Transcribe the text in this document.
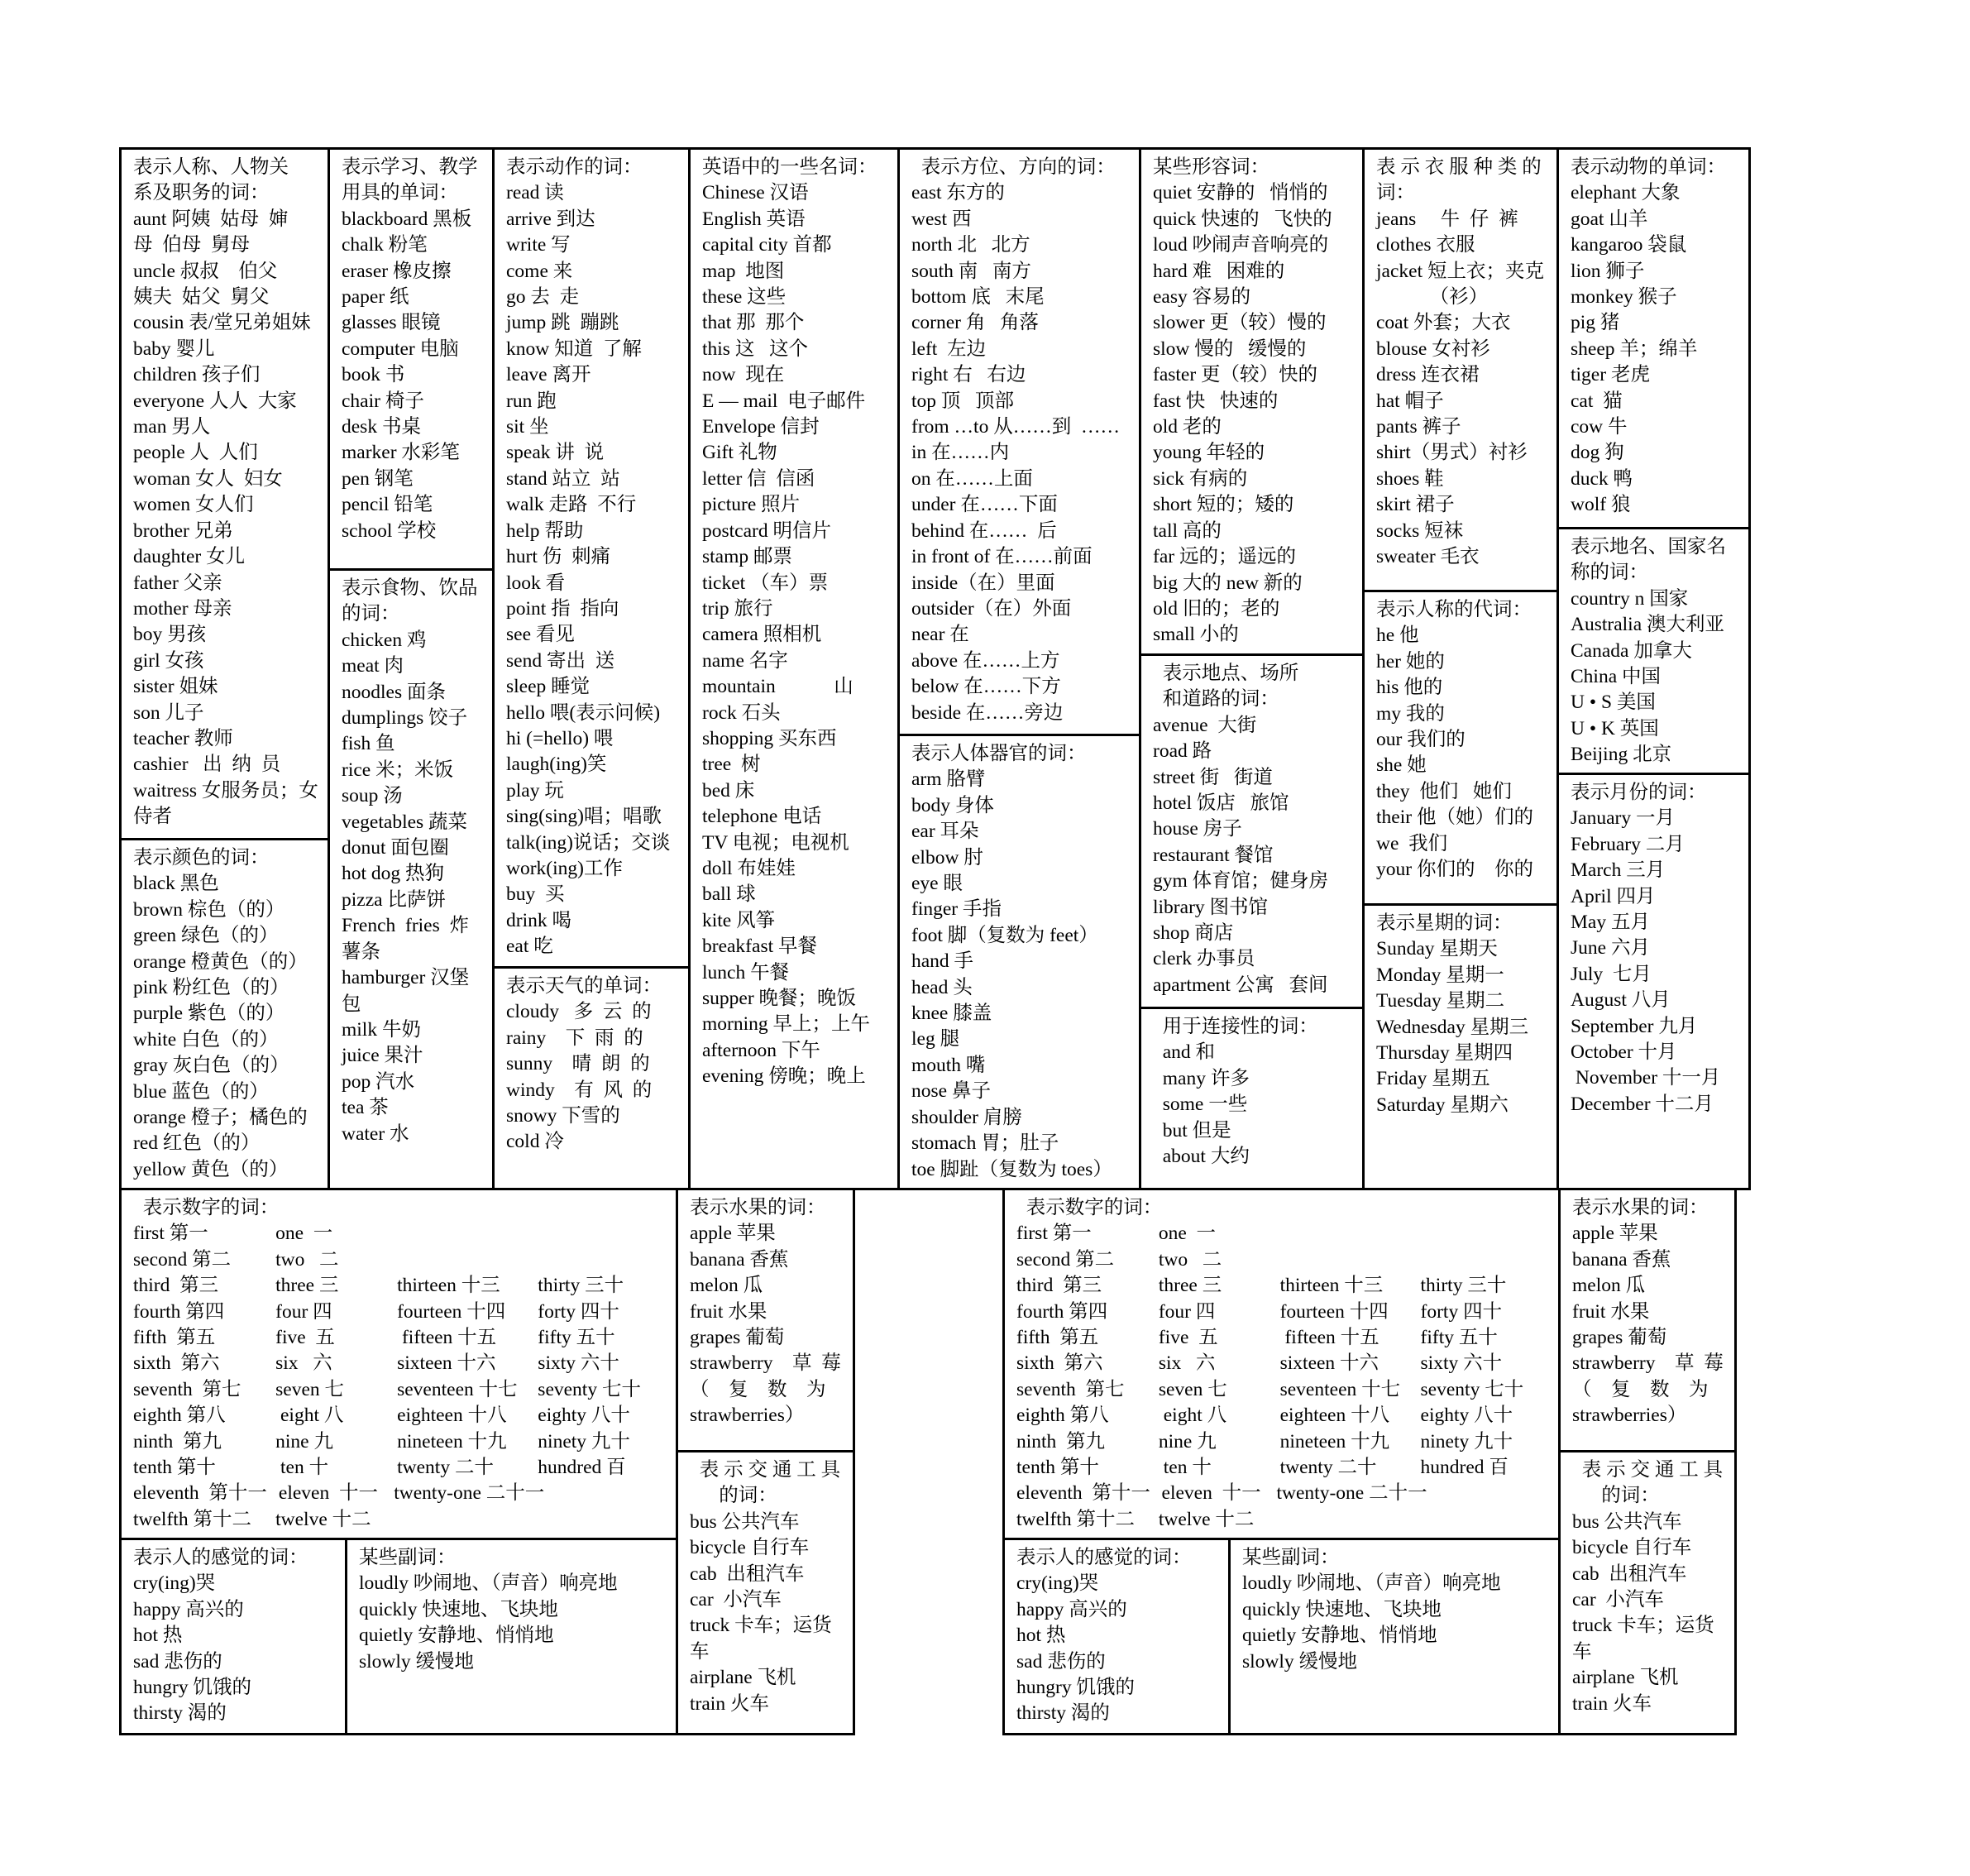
表示人称、人物关
系及职务的词：
aunt 阿姨  姑母  婶
母  伯母  舅母
uncle 叔叔    伯父
姨夫  姑父  舅父
cousin 表/堂兄弟姐妹
baby 婴儿
children 孩子们
everyone 人人  大家
man 男人
people 人  人们
woman 女人  妇女
women 女人们
brother 兄弟
daughter 女儿
father 父亲
mother 母亲
boy 男孩
girl 女孩
sister 姐妹
son 儿子
teacher 教师
cashier   出  纳  员
waitress 女服务员；女
侍者
表示颜色的词：
black 黑色
brown 棕色（的）
green 绿色（的）
orange 橙黄色（的）
pink 粉红色（的）
purple 紫色（的）
white 白色（的）
gray 灰白色（的）
blue 蓝色（的）
orange 橙子；橘色的
red 红色（的）
yellow 黄色（的）
表示学习、教学
用具的单词：
blackboard 黑板
chalk 粉笔
eraser 橡皮擦
paper 纸
glasses 眼镜
computer 电脑
book 书
chair 椅子
desk 书桌
marker 水彩笔
pen 钢笔
pencil 铅笔
school 学校
表示食物、饮品
的词：
chicken 鸡
meat 肉
noodles 面条
dumplings 饺子
fish 鱼
rice 米；米饭
soup 汤
vegetables 蔬菜
donut 面包圈
hot dog 热狗
pizza 比萨饼
French  fries  炸
薯条
hamburger 汉堡
包
milk 牛奶
juice 果汁
pop 汽水
tea 茶
water 水
表示动作的词：
read 读
arrive 到达
write 写
come 来
go 去  走
jump 跳  蹦跳
know 知道  了解
leave 离开
run 跑
sit 坐
speak 讲  说
stand 站立  站
walk 走路  不行
help 帮助
hurt 伤  刺痛
look 看
point 指  指向
see 看见
send 寄出  送
sleep 睡觉
hello 喂(表示问候)
hi (=hello) 喂
laugh(ing)笑
play 玩
sing(sing)唱；唱歌
talk(ing)说话；交谈
work(ing)工作
buy  买
drink 喝
eat 吃
表示天气的单词：
cloudy   多  云  的
rainy    下  雨  的
sunny    晴  朗  的
windy    有  风  的
snowy 下雪的
cold 冷
英语中的一些名词：
Chinese 汉语
English 英语
capital city 首都
map  地图
these 这些
that 那  那个
this 这   这个
now  现在
E — mail  电子邮件
Envelope 信封
Gift 礼物
letter 信  信函
picture 照片
postcard 明信片
stamp 邮票
ticket （车）票
trip 旅行
camera 照相机
name 名字
mountain            山
rock 石头
shopping 买东西
tree  树
bed 床
telephone 电话
TV 电视；电视机
doll 布娃娃
ball 球
kite 风筝
breakfast 早餐
lunch 午餐
supper 晚餐；晚饭
morning 早上；上午
afternoon 下午
evening 傍晚；晚上
表示方位、方向的词：
east 东方的
west 西
north 北   北方
south 南   南方
bottom 底   末尾
corner 角   角落
left  左边
right 右   右边
top 顶   顶部
from …to 从……到  ……
in 在……内
on 在……上面
under 在……下面
behind 在……  后
in front of 在……前面
inside（在）里面
outsider（在）外面
near 在
above 在……上方
below 在……下方
beside 在……旁边
表示人体器官的词：
arm 胳臂
body 身体
ear 耳朵
elbow 肘
eye 眼
finger 手指
foot 脚（复数为 feet）
hand 手
head 头
knee 膝盖
leg 腿
mouth 嘴
nose 鼻子
shoulder 肩膀
stomach 胃；肚子
toe 脚趾（复数为 toes）
某些形容词：
quiet 安静的   悄悄的
quick 快速的   飞快的
loud 吵闹声音响亮的
hard 难   困难的
easy 容易的
slower 更（较）慢的
slow 慢的   缓慢的
faster 更（较）快的
fast 快   快速的
old 老的
young 年轻的
sick 有病的
short 短的；矮的
tall 高的
far 远的；遥远的
big 大的 new 新的
old 旧的；老的
small 小的
表示地点、场所
和道路的词：
avenue  大街
road 路
street 街   街道
hotel 饭店   旅馆
house 房子
restaurant 餐馆
gym 体育馆；健身房
library 图书馆
shop 商店
clerk 办事员
apartment 公寓   套间
用于连接性的词：
and 和
many 许多
some 一些
but 但是
about 大约
表 示 衣 服 种 类 的
词：
jeans     牛  仔  裤
clothes 衣服
jacket 短上衣；夹克
（衫）
coat 外套；大衣
blouse 女衬衫
dress 连衣裙
hat 帽子
pants 裤子
shirt（男式）衬衫
shoes 鞋
skirt 裙子
socks 短袜
sweater 毛衣
表示人称的代词：
he 他
her 她的
his 他的
my 我的
our 我们的
she 她
they  他们   她们
their 他（她）们的
we  我们
your 你们的    你的
表示星期的词：
Sunday 星期天
Monday 星期一
Tuesday 星期二
Wednesday 星期三
Thursday 星期四
Friday 星期五
Saturday 星期六
表示动物的单词：
elephant 大象
goat 山羊
kangaroo 袋鼠
lion 狮子
monkey 猴子
pig 猪
sheep 羊；绵羊
tiger 老虎
cat  猫
cow 牛
dog 狗
duck 鸭
wolf 狼
表示地名、国家名
称的词：
country n 国家
Australia 澳大利亚
Canada 加拿大
China 中国
U • S 美国
U • K 英国
Beijing 北京
表示月份的词：
January 一月
February 二月
March 三月
April 四月
May 五月
June 六月
July  七月
August 八月
September 九月
October 十月
November 十一月
December 十二月
表示数字的词：
first 第一	one  一
second 第二	two   二
third  第三	three 三	thirteen 十三	thirty 三十
fourth 第四	four 四	fourteen 十四	forty 四十
fifth  第五	five  五	fifteen 十五	fifty 五十
sixth  第六	six   六	sixteen 十六	sixty 六十
seventh  第七	seven 七	seventeen 十七	seventy 七十
eighth 第八	eight 八	eighteen 十八	eighty 八十
ninth  第九	nine 九	nineteen 十九	ninety 九十
tenth 第十	ten 十	twenty 二十	hundred 百
eleventh  第十一 eleven  十一 twenty-one 二十一
twelfth 第十二	twelve 十二
表示水果的词：
apple 苹果
banana 香蕉
melon 瓜
fruit 水果
grapes 葡萄
strawberry    草  莓
（    复    数    为
strawberries）
表 示 交 通 工 具
的词：
bus 公共汽车
bicycle 自行车
cab  出租汽车
car  小汽车
truck 卡车；运货
车
airplane 飞机
train 火车
表示人的感觉的词：
cry(ing)哭
happy 高兴的
hot 热
sad 悲伤的
hungry 饥饿的
thirsty 渴的
某些副词：
loudly 吵闹地、（声音）响亮地
quickly 快速地、飞块地
quietly 安静地、悄悄地
slowly 缓慢地
表示数字的词：
first 第一	one  一
second 第二	two   二
third  第三	three 三	thirteen 十三	thirty 三十
fourth 第四	four 四	fourteen 十四	forty 四十
fifth  第五	five  五	fifteen 十五	fifty 五十
sixth  第六	six   六	sixteen 十六	sixty 六十
seventh  第七	seven 七	seventeen 十七	seventy 七十
eighth 第八	eight 八	eighteen 十八	eighty 八十
ninth  第九	nine 九	nineteen 十九	ninety 九十
tenth 第十	ten 十	twenty 二十	hundred 百
eleventh  第十一 eleven  十一 twenty-one 二十一
twelfth 第十二	twelve 十二
表示水果的词：
apple 苹果
banana 香蕉
melon 瓜
fruit 水果
grapes 葡萄
strawberry    草  莓
（    复    数    为
strawberries）
表 示 交 通 工 具
的词：
bus 公共汽车
bicycle 自行车
cab  出租汽车
car  小汽车
truck 卡车；运货
车
airplane 飞机
train 火车
表示人的感觉的词：
cry(ing)哭
happy 高兴的
hot 热
sad 悲伤的
hungry 饥饿的
thirsty 渴的
某些副词：
loudly 吵闹地、（声音）响亮地
quickly 快速地、飞块地
quietly 安静地、悄悄地
slowly 缓慢地
